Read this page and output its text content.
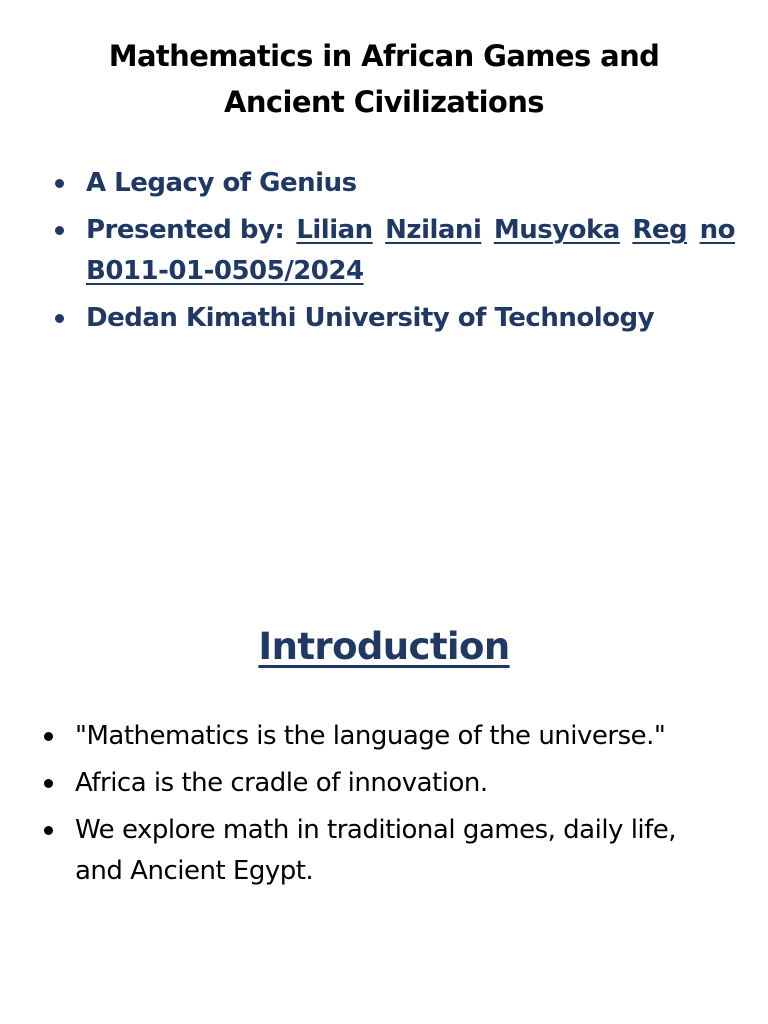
Mathematics in African Games and
Ancient Civilizations
A Legacy of Genius
Presented by: Lilian Nzilani Musyoka Reg no
B011-01-0505/2024
Dedan Kimathi University of Technology
Introduction
"Mathematics is the language of the universe."
Africa is the cradle of innovation.
We explore math in traditional games, daily life, and Ancient Egypt.
